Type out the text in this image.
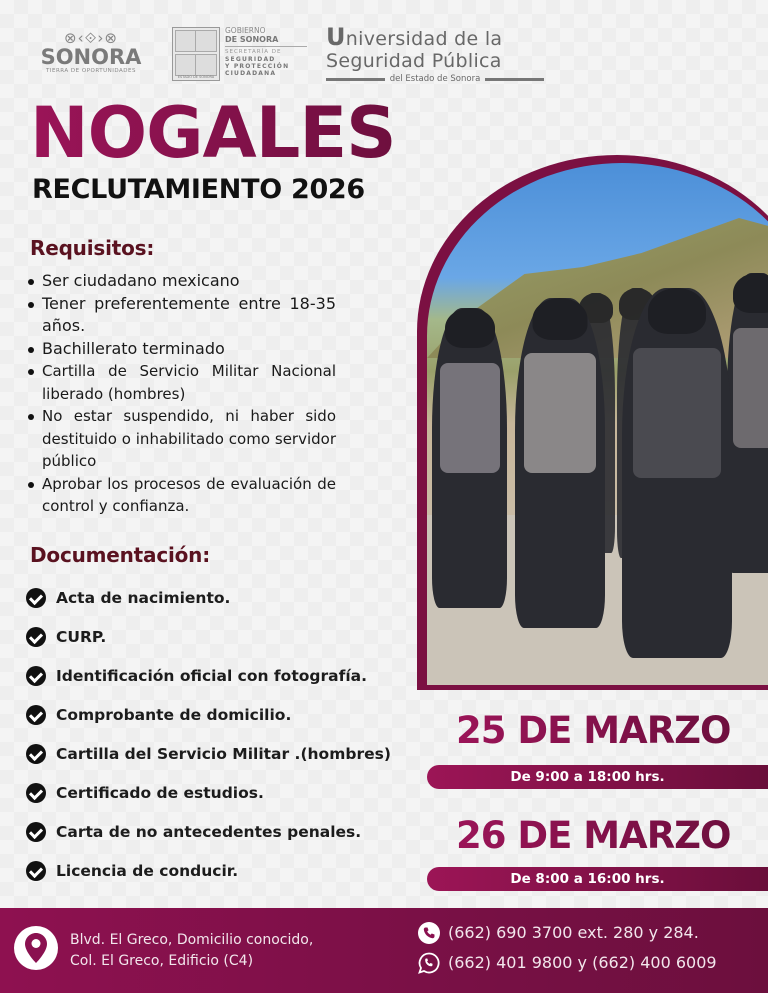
⊗‹⟐›⊗
SONORA
TIERRA DE OPORTUNIDADES
ESTADO DE SONORA
GOBIERNO
DE SONORA
SECRETARÍA DE
SEGURIDAD
Y PROTECCIÓN
CIUDADANA
Universidad de la
Seguridad Pública
del Estado de Sonora
NOGALES
RECLUTAMIENTO 2026
Requisitos:
Ser ciudadano mexicano
Tener preferentemente entre 18-35 años.
Bachillerato terminado
Cartilla de Servicio Militar Nacional liberado (hombres)
No estar suspendido, ni haber sido destituido o inhabilitado como servidor público
Aprobar los procesos de evaluación de control y confianza.
Documentación:
Acta de nacimiento.
CURP.
Identificación oficial con fotografía.
Comprobante de domicilio.
Cartilla del Servicio Militar .(hombres)
Certificado de estudios.
Carta de no antecedentes penales.
Licencia de conducir.
25 DE MARZO
De 9:00 a 18:00 hrs.
26 DE MARZO
De 8:00 a 16:00 hrs.
Blvd. El Greco, Domicilio conocido,
Col. El Greco, Edificio (C4)
(662) 690 3700 ext. 280 y 284.
(662) 401 9800 y (662) 400 6009
